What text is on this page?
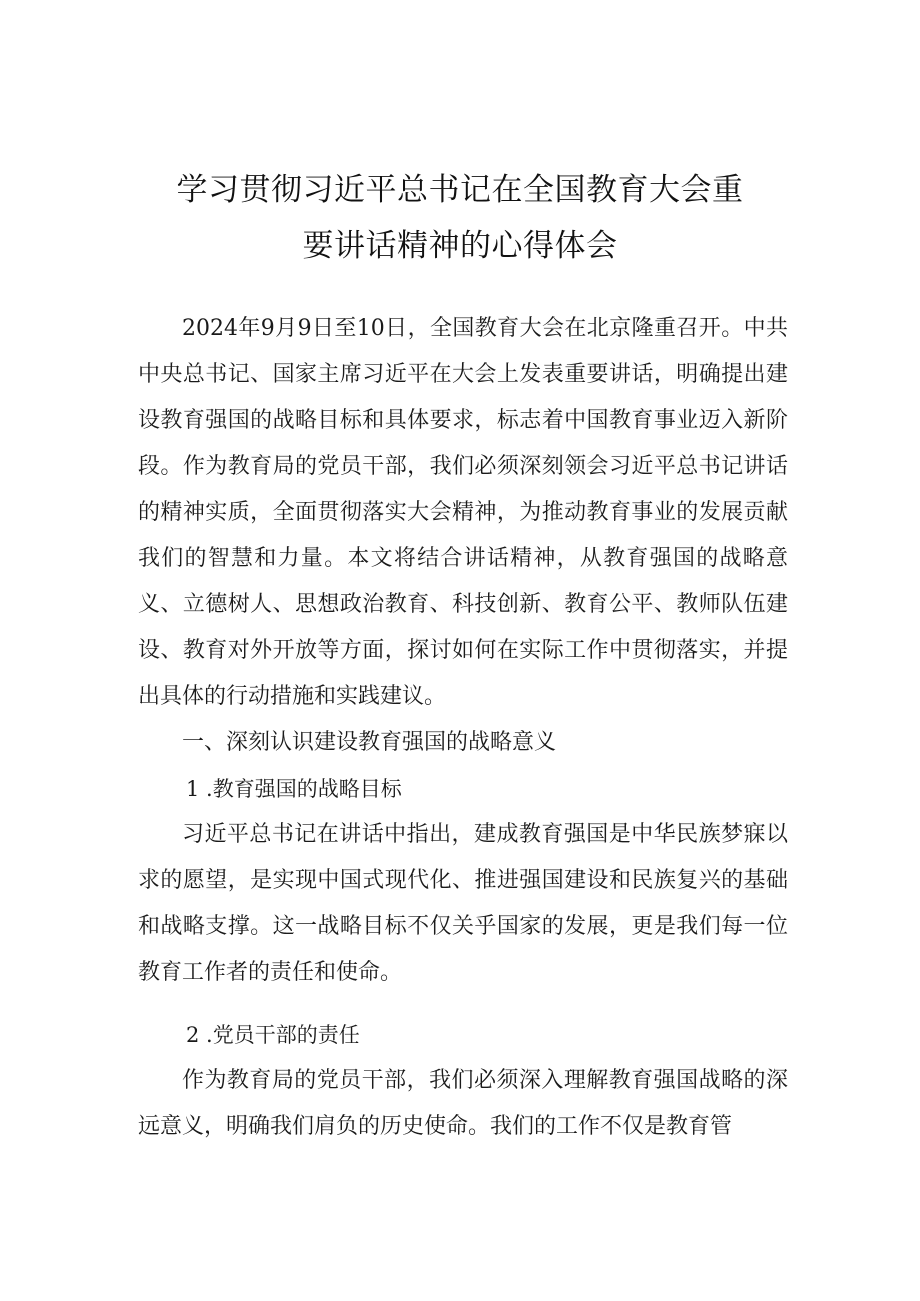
学习贯彻习近平总书记在全国教育大会重
要讲话精神的心得体会

2024年9月9日至10日，全国教育大会在北京隆重召开。中共中央总书记、国家主席习近平在大会上发表重要讲话，明确提出建设教育强国的战略目标和具体要求，标志着中国教育事业迈入新阶段。作为教育局的党员干部，我们必须深刻领会习近平总书记讲话的精神实质，全面贯彻落实大会精神，为推动教育事业的发展贡献我们的智慧和力量。本文将结合讲话精神，从教育强国的战略意义、立德树人、思想政治教育、科技创新、教育公平、教师队伍建设、教育对外开放等方面，探讨如何在实际工作中贯彻落实，并提出具体的行动措施和实践建议。

一、深刻认识建设教育强国的战略意义

1 .教育强国的战略目标

习近平总书记在讲话中指出，建成教育强国是中华民族梦寐以求的愿望，是实现中国式现代化、推进强国建设和民族复兴的基础和战略支撑。这一战略目标不仅关乎国家的发展，更是我们每一位教育工作者的责任和使命。

2 .党员干部的责任

作为教育局的党员干部，我们必须深入理解教育强国战略的深远意义，明确我们肩负的历史使命。我们的工作不仅是教育管
